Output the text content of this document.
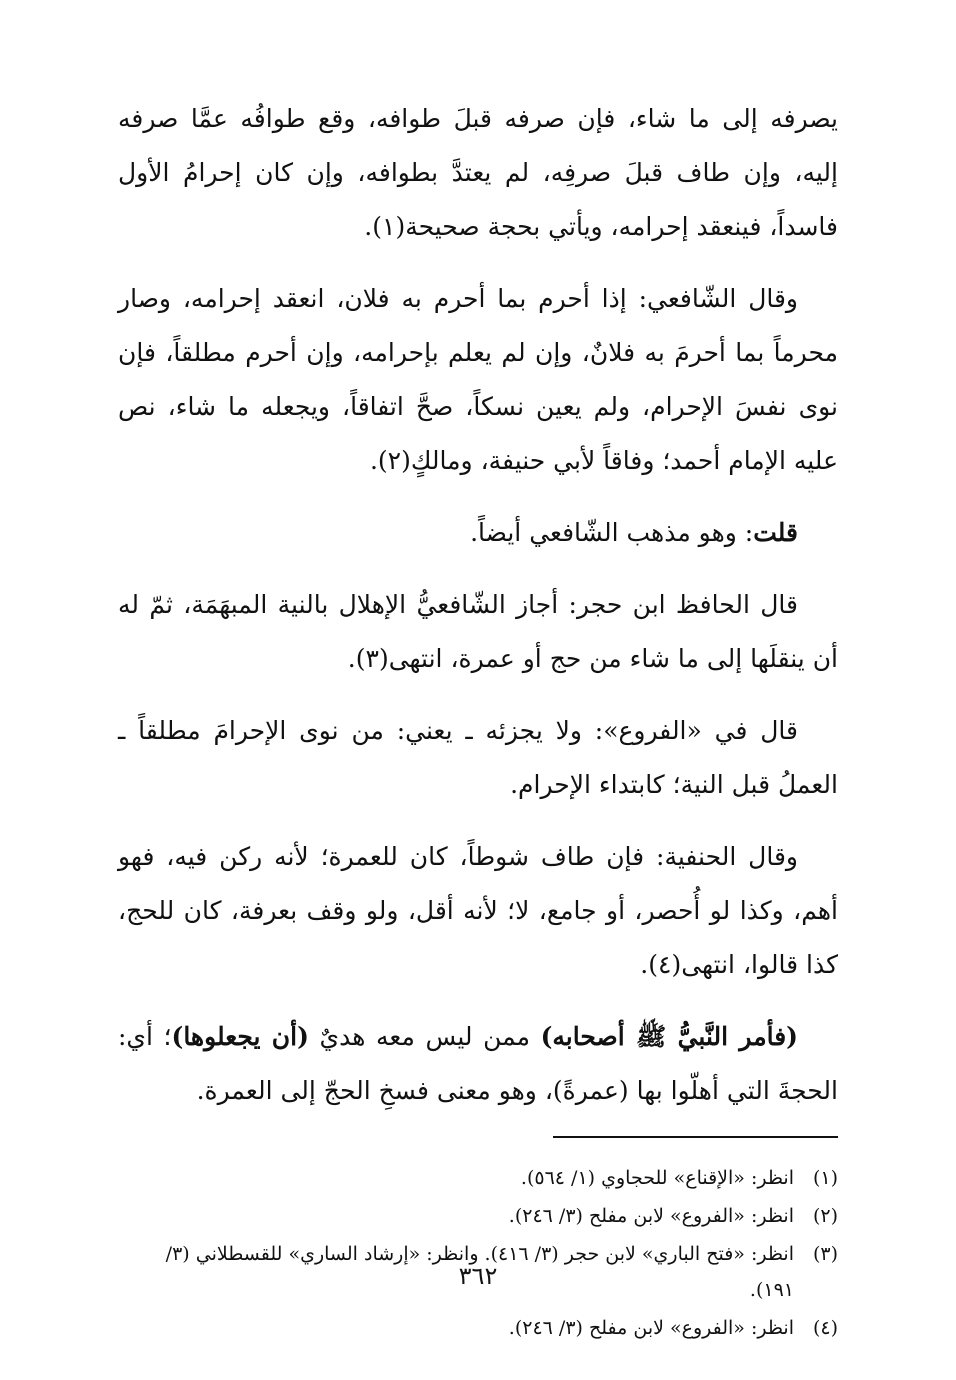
يصرفه إلى ما شاء، فإن صرفه قبلَ طوافه، وقع طوافُه عمَّا صرفه إليه، وإن طاف قبلَ صرفِه، لم يعتدَّ بطوافه، وإن كان إحرامُ الأول فاسداً، فينعقد إحرامه، ويأتي بحجة صحيحة(١).

وقال الشّافعي: إذا أحرم بما أحرم به فلان، انعقد إحرامه، وصار محرماً بما أحرمَ به فلانٌ، وإن لم يعلم بإحرامه، وإن أحرم مطلقاً، فإن نوى نفسَ الإحرام، ولم يعين نسكاً، صحَّ اتفاقاً، ويجعله ما شاء، نص عليه الإمام أحمد؛ وفاقاً لأبي حنيفة، ومالكٍ(٢).

قلت: وهو مذهب الشّافعي أيضاً.

قال الحافظ ابن حجر: أجاز الشّافعيُّ الإهلال بالنية المبهَمَة، ثمّ له أن ينقلَها إلى ما شاء من حج أو عمرة، انتهى(٣).

قال في «الفروع»: ولا يجزئه ـ يعني: من نوى الإحرامَ مطلقاً ـ العملُ قبل النية؛ كابتداء الإحرام.

وقال الحنفية: فإن طاف شوطاً، كان للعمرة؛ لأنه ركن فيه، فهو أهم، وكذا لو أُحصر، أو جامع، لا؛ لأنه أقل، ولو وقف بعرفة، كان للحج، كذا قالوا، انتهى(٤).

(فأمر النَّبيُّ ﷺ أصحابه) ممن ليس معه هديٌ (أن يجعلوها)؛ أي: الحجةَ التي أهلّوا بها (عمرةً)، وهو معنى فسخِ الحجّ إلى العمرة.

(١)
انظر: «الإقناع» للحجاوي (١/ ٥٦٤).
(٢)
انظر: «الفروع» لابن مفلح (٣/ ٢٤٦).
(٣)
انظر: «فتح الباري» لابن حجر (٣/ ٤١٦). وانظر: «إرشاد الساري» للقسطلاني (٣/ ١٩١).
(٤)
انظر: «الفروع» لابن مفلح (٣/ ٢٤٦).
٣٦٢
